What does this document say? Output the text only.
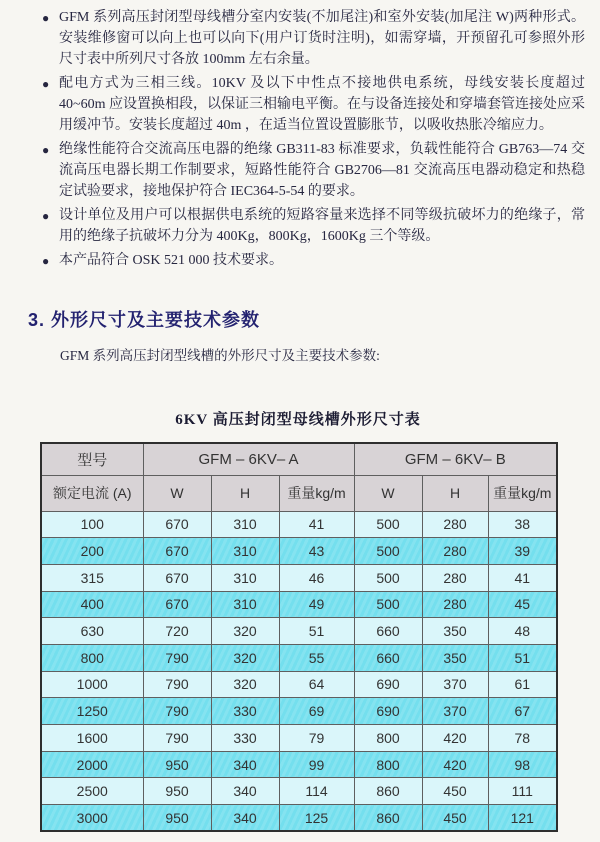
● GFM 系列高压封闭型母线槽分室内安装(不加尾注)和室外安装(加尾注 W)两种形式。安装维修窗可以向上也可以向下(用户订货时注明)，如需穿墙，开预留孔可参照外形尺寸表中所列尺寸各放 100mm 左右余量。
● 配电方式为三相三线。10KV 及以下中性点不接地供电系统，母线安装长度超过 40~60m 应设置换相段，以保证三相输电平衡。在与设备连接处和穿墙套管连接处应采用缓冲节。安装长度超过 40m ，在适当位置设置膨胀节，以吸收热胀冷缩应力。
● 绝缘性能符合交流高压电器的绝缘 GB311-83 标准要求，负载性能符合 GB763—74 交流高压电器长期工作制要求，短路性能符合 GB2706—81 交流高压电器动稳定和热稳定试验要求，接地保护符合 IEC364-5-54 的要求。
● 设计单位及用户可以根据供电系统的短路容量来选择不同等级抗破坏力的绝缘子，常用的绝缘子抗破坏力分为 400Kg，800Kg，1600Kg 三个等级。
● 本产品符合 OSK 521 000 技术要求。
3. 外形尺寸及主要技术参数

GFM 系列高压封闭型线槽的外形尺寸及主要技术参数:

6KV 高压封闭型母线槽外形尺寸表
型号	GFM – 6KV– A			GFM – 6KV– B		
额定电流 (A)	W	H	重量kg/m	W	H	重量kg/m
100	670	310	41	500	280	38
200	670	310	43	500	280	39
315	670	310	46	500	280	41
400	670	310	49	500	280	45
630	720	320	51	660	350	48
800	790	320	55	660	350	51
1000	790	320	64	690	370	61
1250	790	330	69	690	370	67
1600	790	330	79	800	420	78
2000	950	340	99	800	420	98
2500	950	340	114	860	450	111
3000	950	340	125	860	450	121
